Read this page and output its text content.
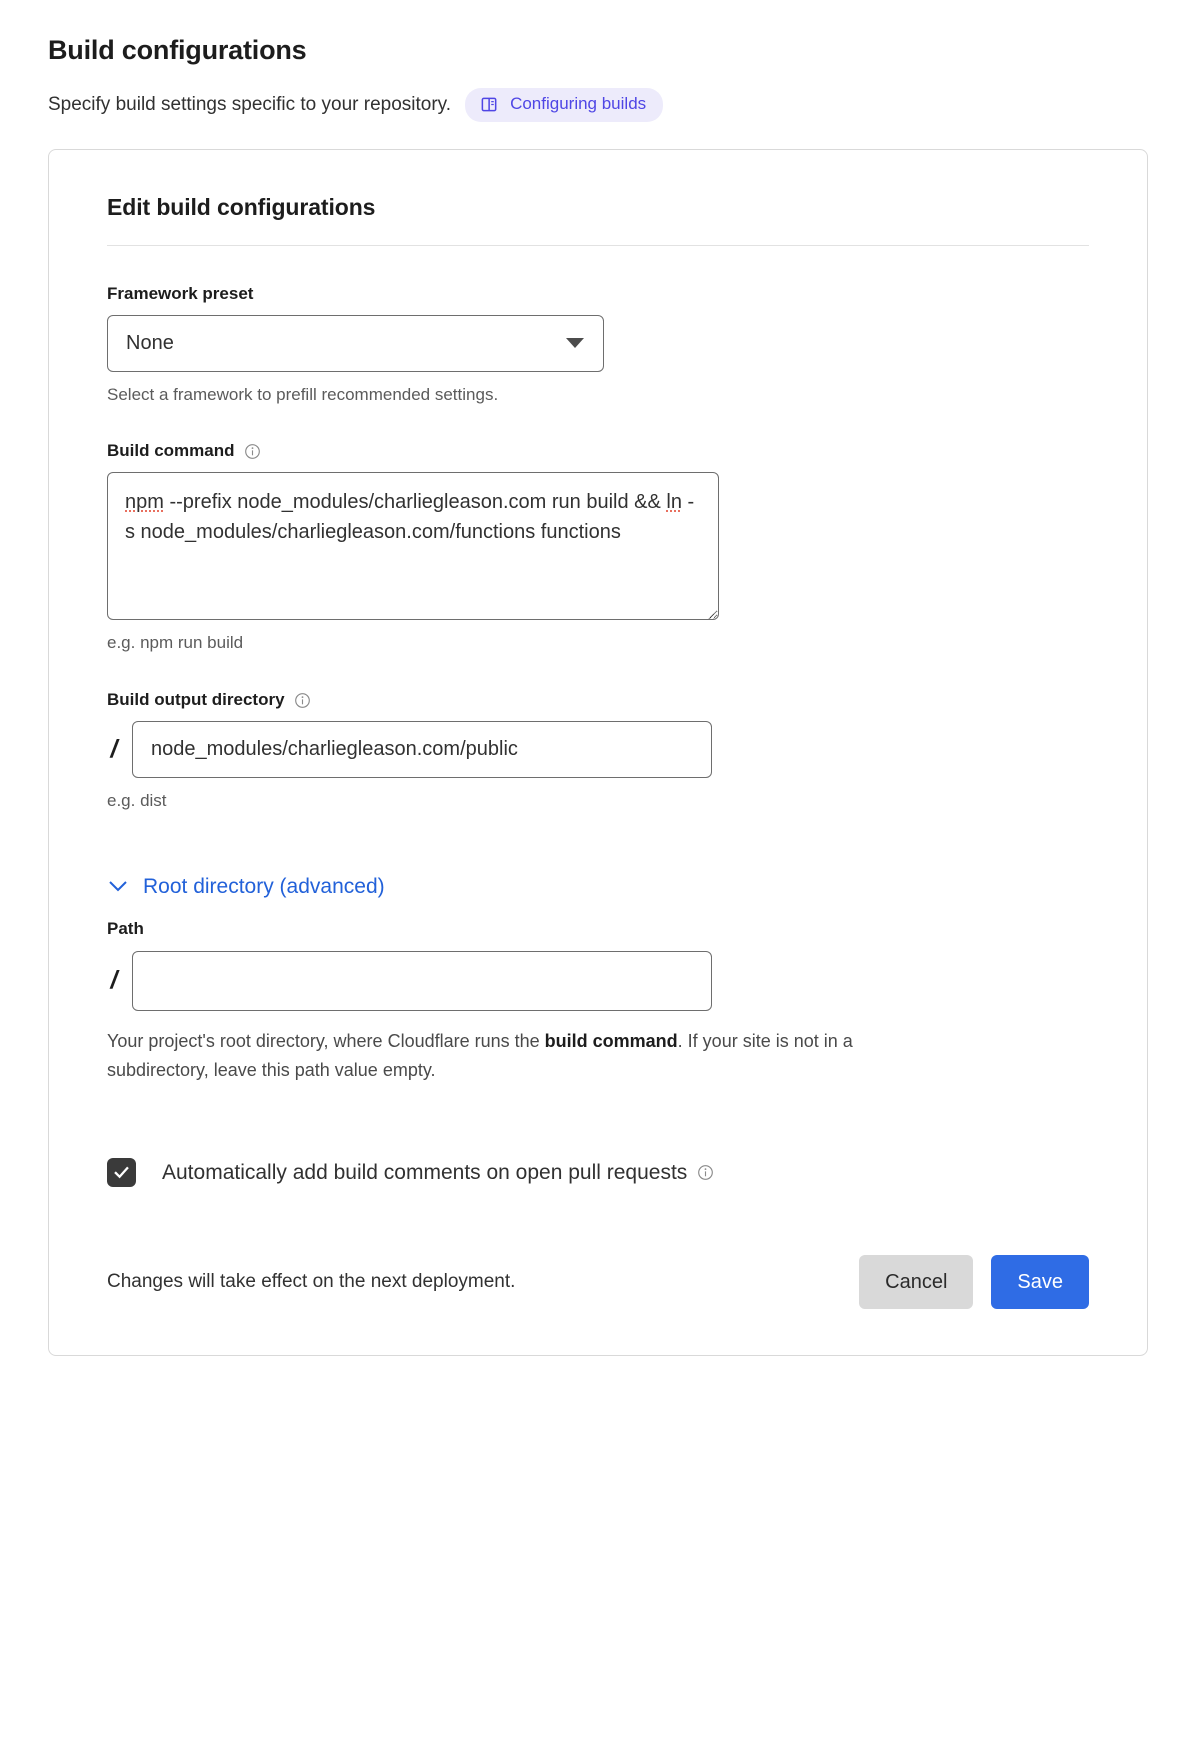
Build configurations
Specify build settings specific to your repository.	Configuring builds
Edit build configurations
Framework preset
None
Select a framework to prefill recommended settings.
Build command
npm --prefix node_modules/charliegleason.com run build && ln -s node_modules/charliegleason.com/functions functions
e.g. npm run build
Build output directory
/
node_modules/charliegleason.com/public
e.g. dist
Root directory (advanced)
Path
/
Your project's root directory, where Cloudflare runs the build command. If your site is not in a subdirectory, leave this path value empty.
Automatically add build comments on open pull requests
Changes will take effect on the next deployment.	Cancel	Save
